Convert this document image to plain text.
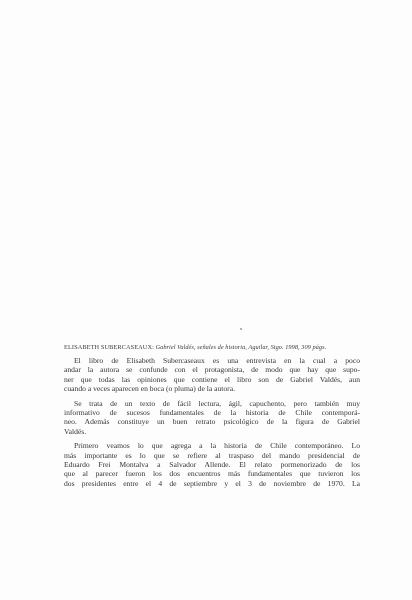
ELISABETH SUBERCASEAUX: Gabriel Valdés, señales de historia, Aguilar, Stgo. 1998, 309 págs.

El libro de Elisabeth Subercaseaux es una entrevista en la cual a poco
andar la autora se confunde con el protagonista, de modo que hay que supo-
ner que todas las opiniones que contiene el libro son de Gabriel Valdés, aun
cuando a veces aparecen en boca (o pluma) de la autora.

Se trata de un texto de fácil lectura, ágil, capuchento, pero también muy
informativo de sucesos fundamentales de la historia de Chile contemporá-
neo. Además constituye un buen retrato psicológico de la figura de Gabriel
Valdés.

Primero veamos lo que agrega a la historia de Chile contemporáneo. Lo
más importante es lo que se refiere al traspaso del mando presidencial de
Eduardo Frei Montalva a Salvador Allende. El relato pormenorizado de los
que al parecer fueron los dos encuentros más fundamentales que tuvieron los
dos presidentes entre el 4 de septiembre y el 3 de noviembre de 1970. La
